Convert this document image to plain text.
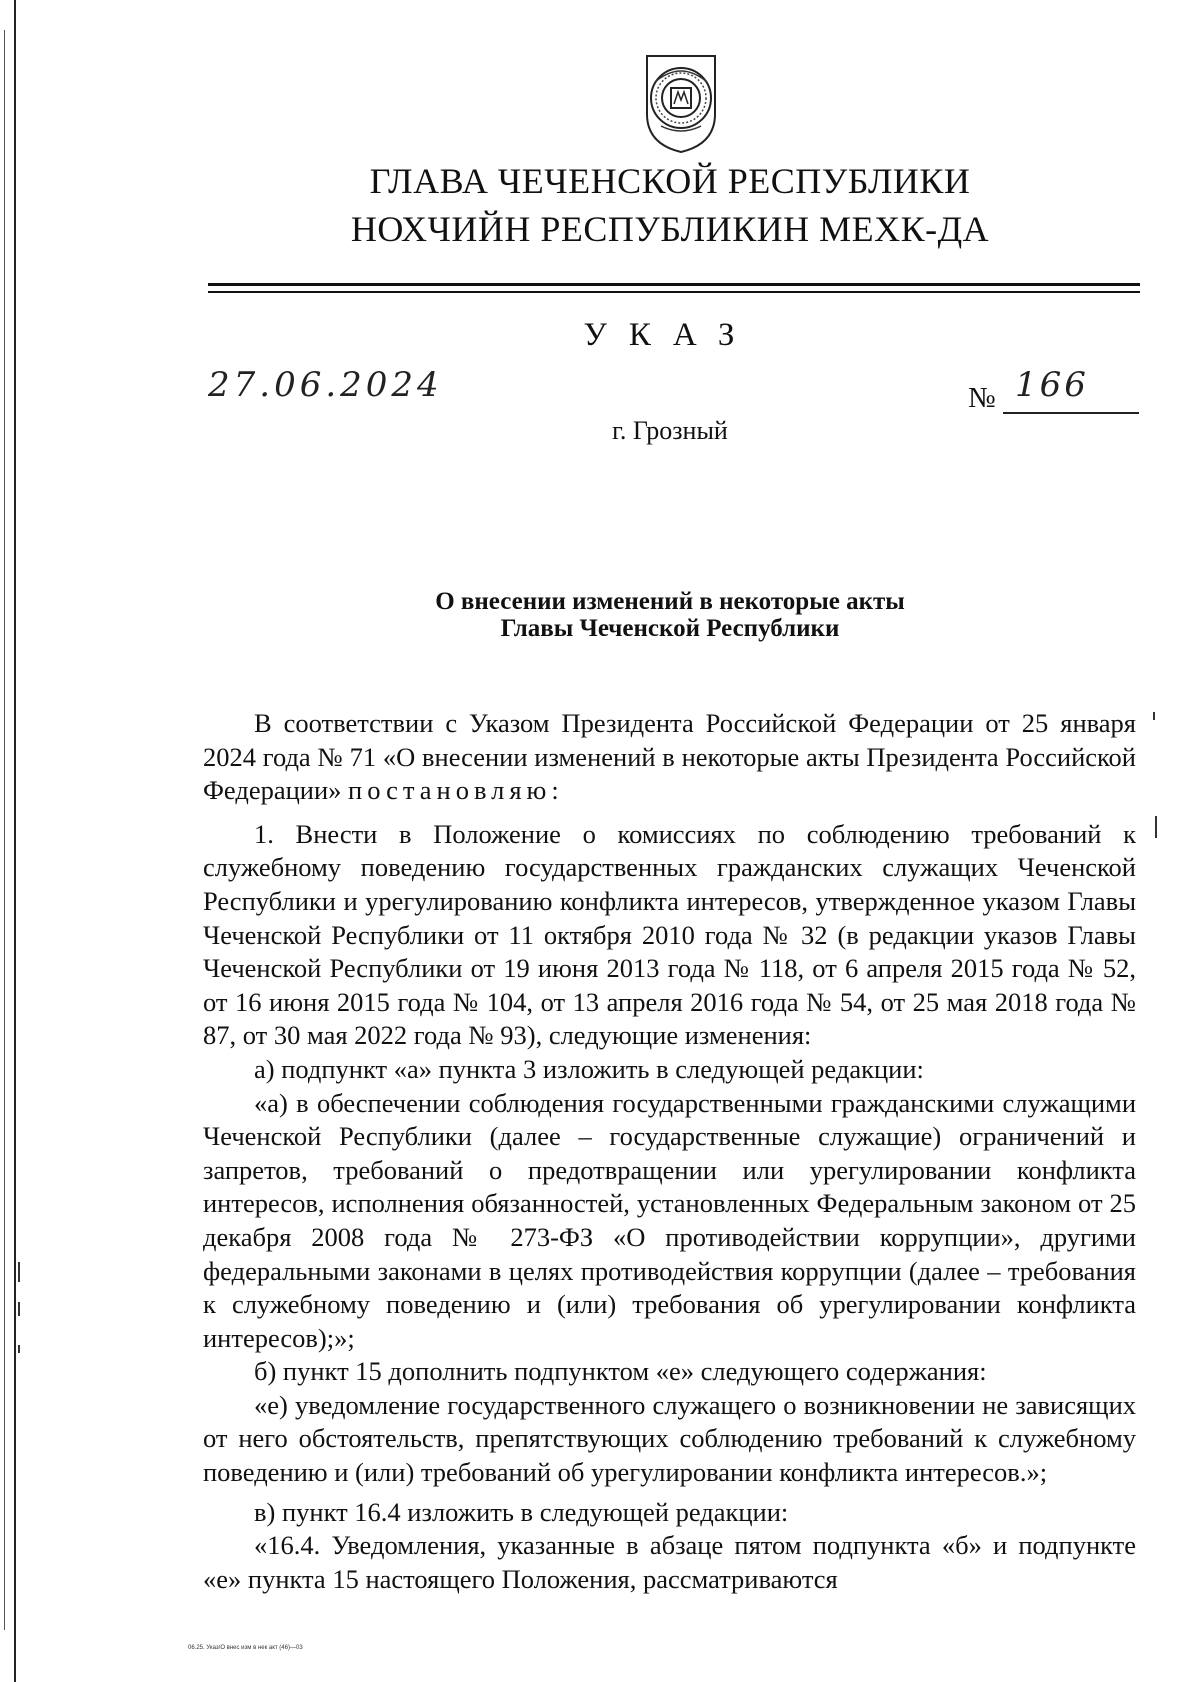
ГЛАВА ЧЕЧЕНСКОЙ РЕСПУБЛИКИ
НОХЧИЙН РЕСПУБЛИКИН МЕХК-ДА
УКАЗ
27.06.2024	№ 166
г. Грозный
О внесении изменений в некоторые акты
Главы Чеченской Республики

В соответствии с Указом Президента Российской Федерации от 25 января 2024 года № 71 «О внесении изменений в некоторые акты Президента Российской Федерации» постановляю:

1. Внести в Положение о комиссиях по соблюдению требований к служебному поведению государственных гражданских служащих Чеченской Республики и урегулированию конфликта интересов, утвержденное указом Главы Чеченской Республики от 11 октября 2010 года № 32 (в редакции указов Главы Чеченской Республики от 19 июня 2013 года № 118, от 6 апреля 2015 года № 52, от 16 июня 2015 года № 104, от 13 апреля 2016 года № 54, от 25 мая 2018 года № 87, от 30 мая 2022 года № 93), следующие изменения:

а) подпункт «а» пункта 3 изложить в следующей редакции:

«а) в обеспечении соблюдения государственными гражданскими служащими Чеченской Республики (далее – государственные служащие) ограничений и запретов, требований о предотвращении или урегулировании конфликта интересов, исполнения обязанностей, установленных Федеральным законом от 25 декабря 2008 года № 273-ФЗ «О противодействии коррупции», другими федеральными законами в целях противодействия коррупции (далее – требования к служебному поведению и (или) требования об урегулировании конфликта интересов);»;

б) пункт 15 дополнить подпунктом «е» следующего содержания:

«е) уведомление государственного служащего о возникновении не зависящих от него обстоятельств, препятствующих соблюдению требований к служебному поведению и (или) требований об урегулировании конфликта интересов.»;

в) пункт 16.4 изложить в следующей редакции:

«16.4. Уведомления, указанные в абзаце пятом подпункта «б» и подпункте «е» пункта 15 настоящего Положения, рассматриваются

06.25. Указ/О внес изм в нек акт (46)—03
